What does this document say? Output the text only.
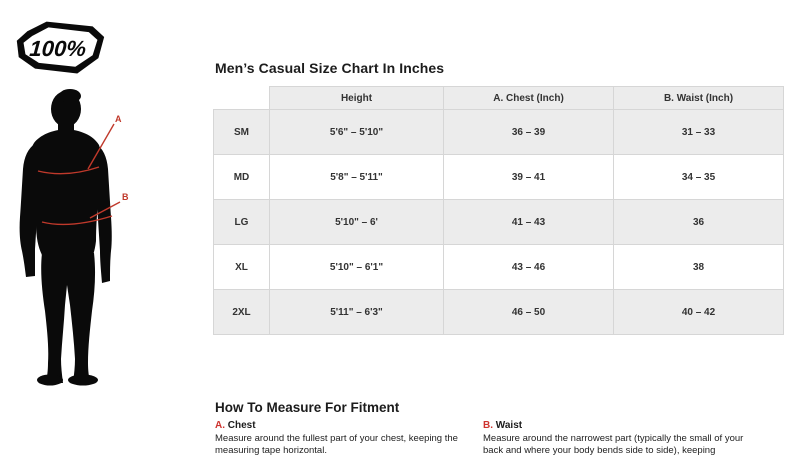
100%
A
B
Men’s Casual Size Chart In Inches
	Height	A. Chest (Inch)	B. Waist (Inch)
SM	5'6" – 5'10"	36 – 39	31 – 33
MD	5'8" – 5'11"	39 – 41	34 – 35
LG	5'10" – 6'	41 – 43	36
XL	5'10" – 6'1"	43 – 46	38
2XL	5'11" – 6'3"	46 – 50	40 – 42
How To Measure For Fitment
A. Chest
Measure around the fullest part of your chest, keeping the measuring tape horizontal.
B. Waist
Measure around the narrowest part (typically the small of your back and where your body bends side to side), keeping
